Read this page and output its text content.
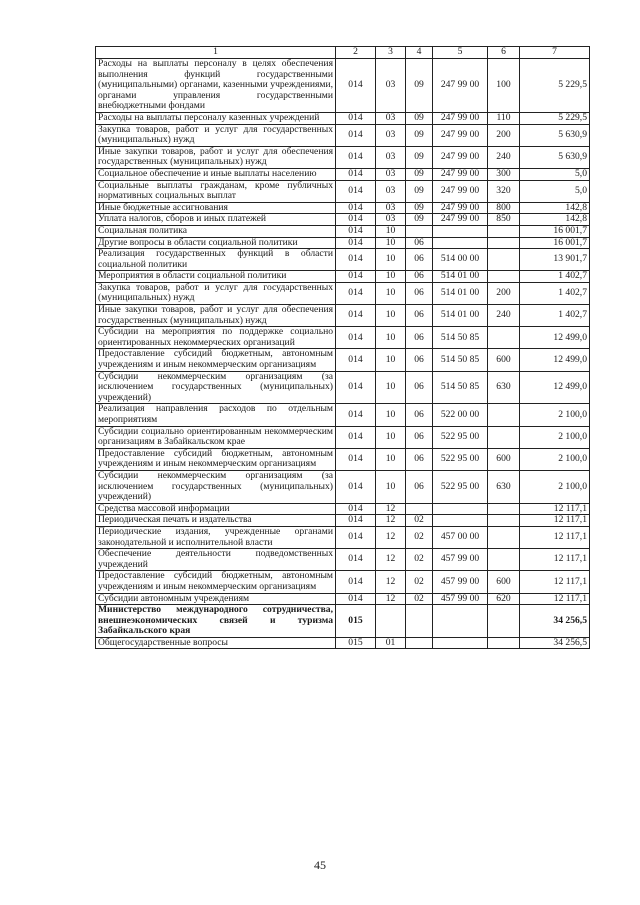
1	2	3	4	5	6	7
Расходы на выплаты персоналу в целях обеспечения выполнения функций государственными (муниципальными) органами, казенными учреждениями, органами управления государственными внебюджетными фондами	014	03	09	247 99 00	100	5 229,5
Расходы на выплаты персоналу казенных учреждений	014	03	09	247 99 00	110	5 229,5
Закупка товаров, работ и услуг для государственных (муниципальных) нужд	014	03	09	247 99 00	200	5 630,9
Иные закупки товаров, работ и услуг для обеспечения государственных (муниципальных) нужд	014	03	09	247 99 00	240	5 630,9
Социальное обеспечение и иные выплаты населению	014	03	09	247 99 00	300	5,0
Социальные выплаты гражданам, кроме публичных нормативных социальных выплат	014	03	09	247 99 00	320	5,0
Иные бюджетные ассигнования	014	03	09	247 99 00	800	142,8
Уплата налогов, сборов и иных платежей	014	03	09	247 99 00	850	142,8
Социальная политика	014	10				16 001,7
Другие вопросы в области социальной политики	014	10	06			16 001,7
Реализация государственных функций в области социальной политики	014	10	06	514 00 00		13 901,7
Мероприятия в области социальной политики	014	10	06	514 01 00		1 402,7
Закупка товаров, работ и услуг для государственных (муниципальных) нужд	014	10	06	514 01 00	200	1 402,7
Иные закупки товаров, работ и услуг для обеспечения государственных (муниципальных) нужд	014	10	06	514 01 00	240	1 402,7
Субсидии на мероприятия по поддержке социально ориентированных некоммерческих организаций	014	10	06	514 50 85		12 499,0
Предоставление субсидий бюджетным, автономным учреждениям и иным некоммерческим организациям	014	10	06	514 50 85	600	12 499,0
Субсидии некоммерческим организациям (за исключением государственных (муниципальных) учреждений)	014	10	06	514 50 85	630	12 499,0
Реализация направления расходов по отдельным мероприятиям	014	10	06	522 00 00		2 100,0
Субсидии социально ориентированным некоммерческим организациям в Забайкальском крае	014	10	06	522 95 00		2 100,0
Предоставление субсидий бюджетным, автономным учреждениям и иным некоммерческим организациям	014	10	06	522 95 00	600	2 100,0
Субсидии некоммерческим организациям (за исключением государственных (муниципальных) учреждений)	014	10	06	522 95 00	630	2 100,0
Средства массовой информации	014	12				12 117,1
Периодическая печать и издательства	014	12	02			12 117,1
Периодические издания, учрежденные органами законодательной и исполнительной власти	014	12	02	457 00 00		12 117,1
Обеспечение деятельности подведомственных учреждений	014	12	02	457 99 00		12 117,1
Предоставление субсидий бюджетным, автономным учреждениям и иным некоммерческим организациям	014	12	02	457 99 00	600	12 117,1
Субсидии автономным учреждениям	014	12	02	457 99 00	620	12 117,1
Министерство международного сотрудничества, внешнеэкономических связей и туризма Забайкальского края	015					34 256,5
Общегосударственные вопросы	015	01				34 256,5
45
